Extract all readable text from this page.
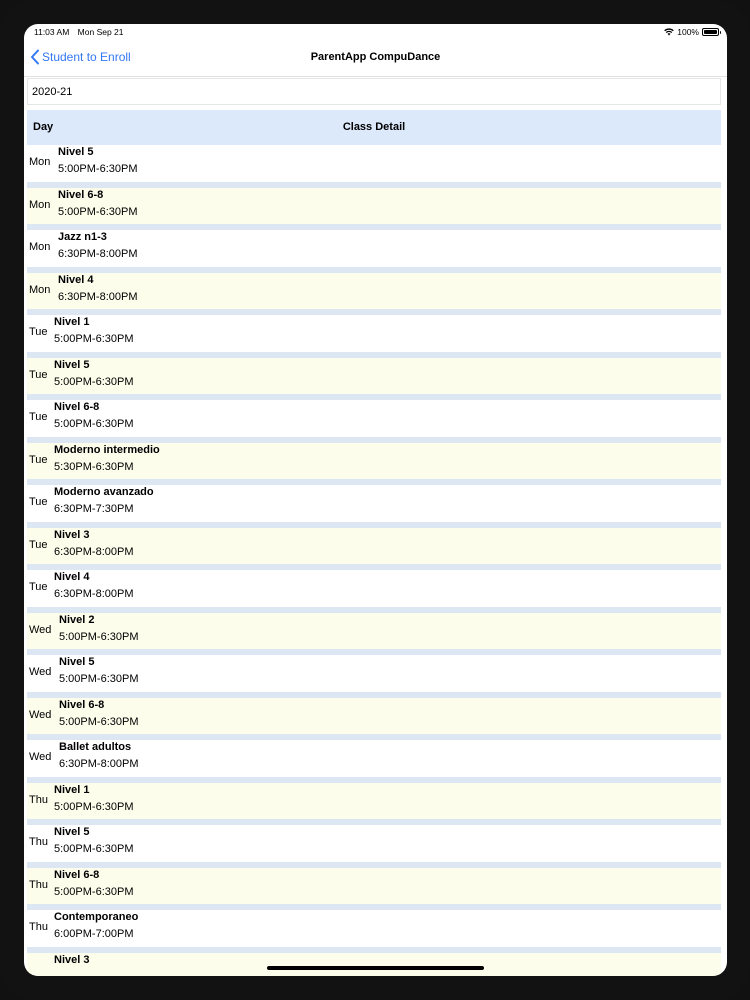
11:03 AM Mon Sep 21	100%
Student to Enroll	ParentApp CompuDance
2020-21
Day	Class Detail
Mon
Nivel 5
5:00PM-6:30PM
Mon
Nivel 6-8
5:00PM-6:30PM
Mon
Jazz n1-3
6:30PM-8:00PM
Mon
Nivel 4
6:30PM-8:00PM
Tue
Nivel 1
5:00PM-6:30PM
Tue
Nivel 5
5:00PM-6:30PM
Tue
Nivel 6-8
5:00PM-6:30PM
Tue
Moderno intermedio
5:30PM-6:30PM
Tue
Moderno avanzado
6:30PM-7:30PM
Tue
Nivel 3
6:30PM-8:00PM
Tue
Nivel 4
6:30PM-8:00PM
Wed
Nivel 2
5:00PM-6:30PM
Wed
Nivel 5
5:00PM-6:30PM
Wed
Nivel 6-8
5:00PM-6:30PM
Wed
Ballet adultos
6:30PM-8:00PM
Thu
Nivel 1
5:00PM-6:30PM
Thu
Nivel 5
5:00PM-6:30PM
Thu
Nivel 6-8
5:00PM-6:30PM
Thu
Contemporaneo
6:00PM-7:00PM
Nivel 3
